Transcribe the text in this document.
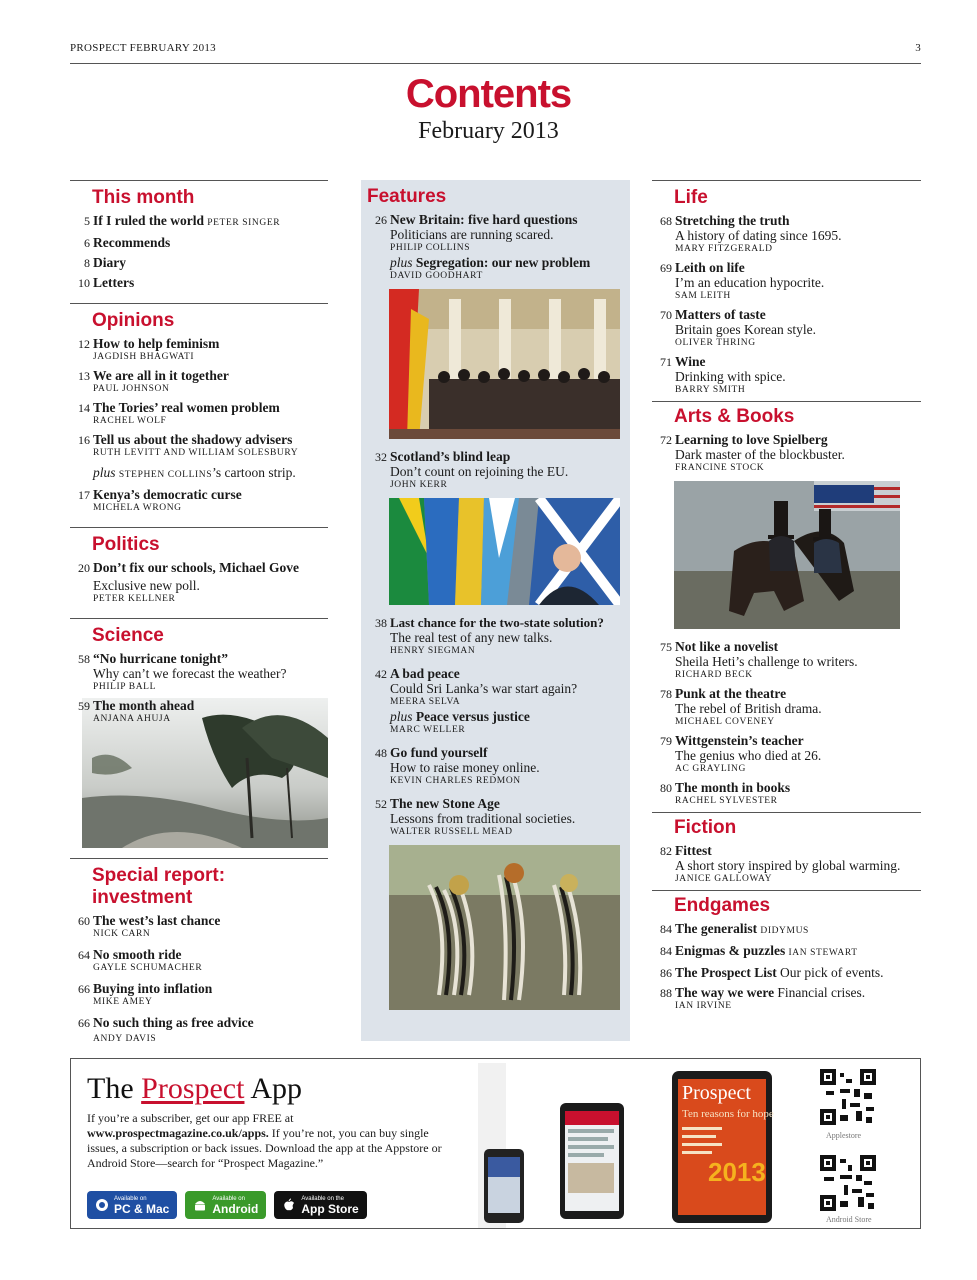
PROSPECT FEBRUARY 2013	3
Contents
February 2013
This month
5 If I ruled the world PETER SINGER
6 Recommends
8 Diary
10 Letters
Opinions
12 How to help feminism
JAGDISH BHAGWATI
13 We are all in it together
PAUL JOHNSON
14 The Tories’ real women problem
RACHEL WOLF
16 Tell us about the shadowy advisers
RUTH LEVITT AND WILLIAM SOLESBURY
plus STEPHEN COLLINS’s cartoon strip.
17 Kenya’s democratic curse
MICHELA WRONG
Politics
20 Don’t fix our schools, Michael Gove
Exclusive new poll.
PETER KELLNER
Science
58 “No hurricane tonight”
Why can’t we forecast the weather?
PHILIP BALL
59 The month ahead
ANJANA AHUJA
Special report: investment
60 The west’s last chance
NICK CARN
64 No smooth ride
GAYLE SCHUMACHER
66 Buying into inflation
MIKE AMEY
66 No such thing as free advice
ANDY DAVIS
Features
26 New Britain: five hard questions
Politicians are running scared.
PHILIP COLLINS
plus Segregation: our new problem
DAVID GOODHART
32 Scotland’s blind leap
Don’t count on rejoining the EU.
JOHN KERR
38 Last chance for the two-state solution?
The real test of any new talks.
HENRY SIEGMAN
42 A bad peace
Could Sri Lanka’s war start again?
MEERA SELVA
plus Peace versus justice
MARC WELLER
48 Go fund yourself
How to raise money online.
KEVIN CHARLES REDMON
52 The new Stone Age
Lessons from traditional societies.
WALTER RUSSELL MEAD
Life
68 Stretching the truth
A history of dating since 1695.
MARY FITZGERALD
69 Leith on life
I’m an education hypocrite.
SAM LEITH
70 Matters of taste
Britain goes Korean style.
OLIVER THRING
71 Wine
Drinking with spice.
BARRY SMITH
Arts & Books
72 Learning to love Spielberg
Dark master of the blockbuster.
FRANCINE STOCK
75 Not like a novelist
Sheila Heti’s challenge to writers.
RICHARD BECK
78 Punk at the theatre
The rebel of British drama.
MICHAEL COVENEY
79 Wittgenstein’s teacher
The genius who died at 26.
AC GRAYLING
80 The month in books
RACHEL SYLVESTER
Fiction
82 Fittest
A short story inspired by global warming.
JANICE GALLOWAY
Endgames
84 The generalist DIDYMUS
84 Enigmas & puzzles IAN STEWART
86 The Prospect List Our pick of events.
88 The way we were Financial crises.
IAN IRVINE
The Prospect App
If you’re a subscriber, get our app FREE at www.prospectmagazine.co.uk/apps. If you’re not, you can buy single issues, a subscription or back issues. Download the app at the Appstore or Android Store—search for “Prospect Magazine.”
Available on
PC & Mac
Available on
Android
Available on the
App Store
Prospect
Ten reasons for hope
2013
Applestore
Android Store
